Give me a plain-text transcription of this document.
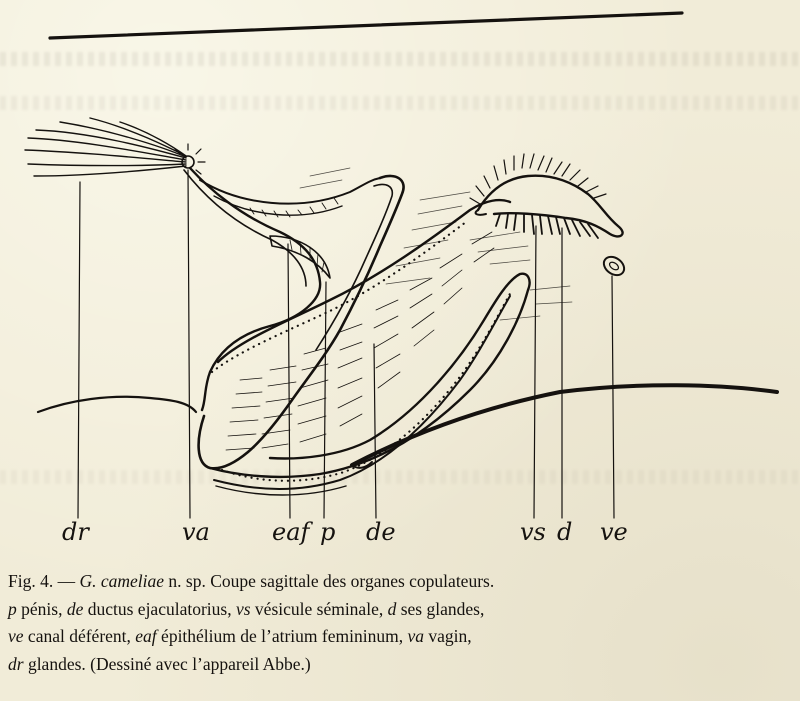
dr	va	eaf p de	vs d ve
Fig. 4. — G. cameliae n. sp. Coupe sagittale des organes copulateurs.
p pénis, de ductus ejaculatorius, vs vésicule séminale, d ses glandes,
ve canal déférent, eaf épithélium de l’atrium femininum, va vagin,
dr glandes. (Dessiné avec l’appareil Abbe.)
